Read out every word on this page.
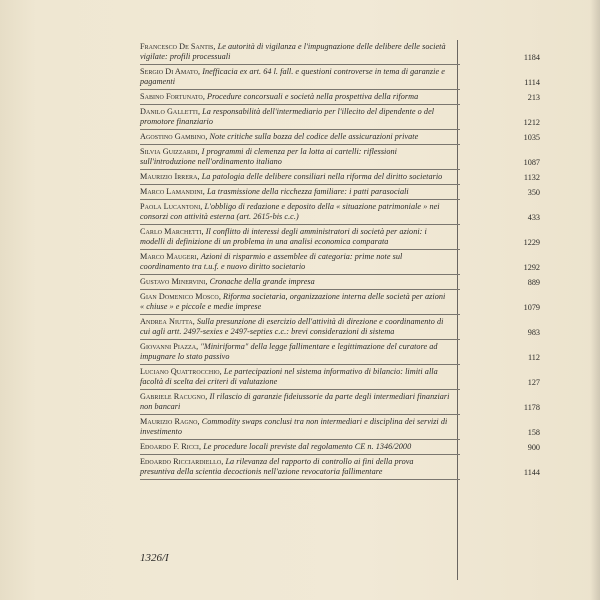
Francesco De Santis, Le autorità di vigilanza e l'impugnazione delle delibere delle società vigilate: profili processuali
Sergio Di Amato, Inefficacia ex art. 64 l. fall. e questioni controverse in tema di garanzie e pagamenti
Sabino Fortunato, Procedure concorsuali e società nella prospettiva della riforma
Danilo Galletti, La responsabilità dell'intermediario per l'illecito del dipendente o del promotore finanziario
Agostino Gambino, Note critiche sulla bozza del codice delle assicurazioni private
Silvia Guizzardi, I programmi di clemenza per la lotta ai cartelli: riflessioni sull'introduzione nell'ordinamento italiano
Maurizio Irrera, La patologia delle delibere consiliari nella riforma del diritto societario
Marco Lamandini, La trasmissione della ricchezza familiare: i patti parasociali
Paola Lucantoni, L'obbligo di redazione e deposito della « situazione patrimoniale » nei consorzi con attività esterna (art. 2615-bis c.c.)
Carlo Marchetti, Il conflitto di interessi degli amministratori di società per azioni: i modelli di definizione di un problema in una analisi economica comparata
Marco Maugeri, Azioni di risparmio e assemblee di categoria: prime note sul coordinamento tra t.u.f. e nuovo diritto societario
Gustavo Minervini, Cronache della grande impresa
Gian Domenico Mosco, Riforma societaria, organizzazione interna delle società per azioni « chiuse » e piccole e medie imprese
Andrea Niutta, Sulla presunzione di esercizio dell'attività di direzione e coordinamento di cui agli artt. 2497-sexies e 2497-septies c.c.: brevi considerazioni di sistema
Giovanni Piazza, "Miniriforma" della legge fallimentare e legittimazione del curatore ad impugnare lo stato passivo
Luciano Quattrocchio, Le partecipazioni nel sistema informativo di bilancio: limiti alla facoltà di scelta dei criteri di valutazione
Gabriele Racugno, Il rilascio di garanzie fideiussorie da parte degli intermediari finanziari non bancari
Maurizio Ragno, Commodity swaps conclusi tra non intermediari e disciplina dei servizi di investimento
Edoardo F. Ricci, Le procedure locali previste dal regolamento CE n. 1346/2000
Edoardo Ricciardiello, La rilevanza del rapporto di controllo ai fini della prova presuntiva della scientia decoctionis nell'azione revocatoria fallimentare
1184
1114
213
1212
1035
1087
1132
350
433
1229
1292
889
1079
983
112
127
1178
158
900
1144
1326/I
